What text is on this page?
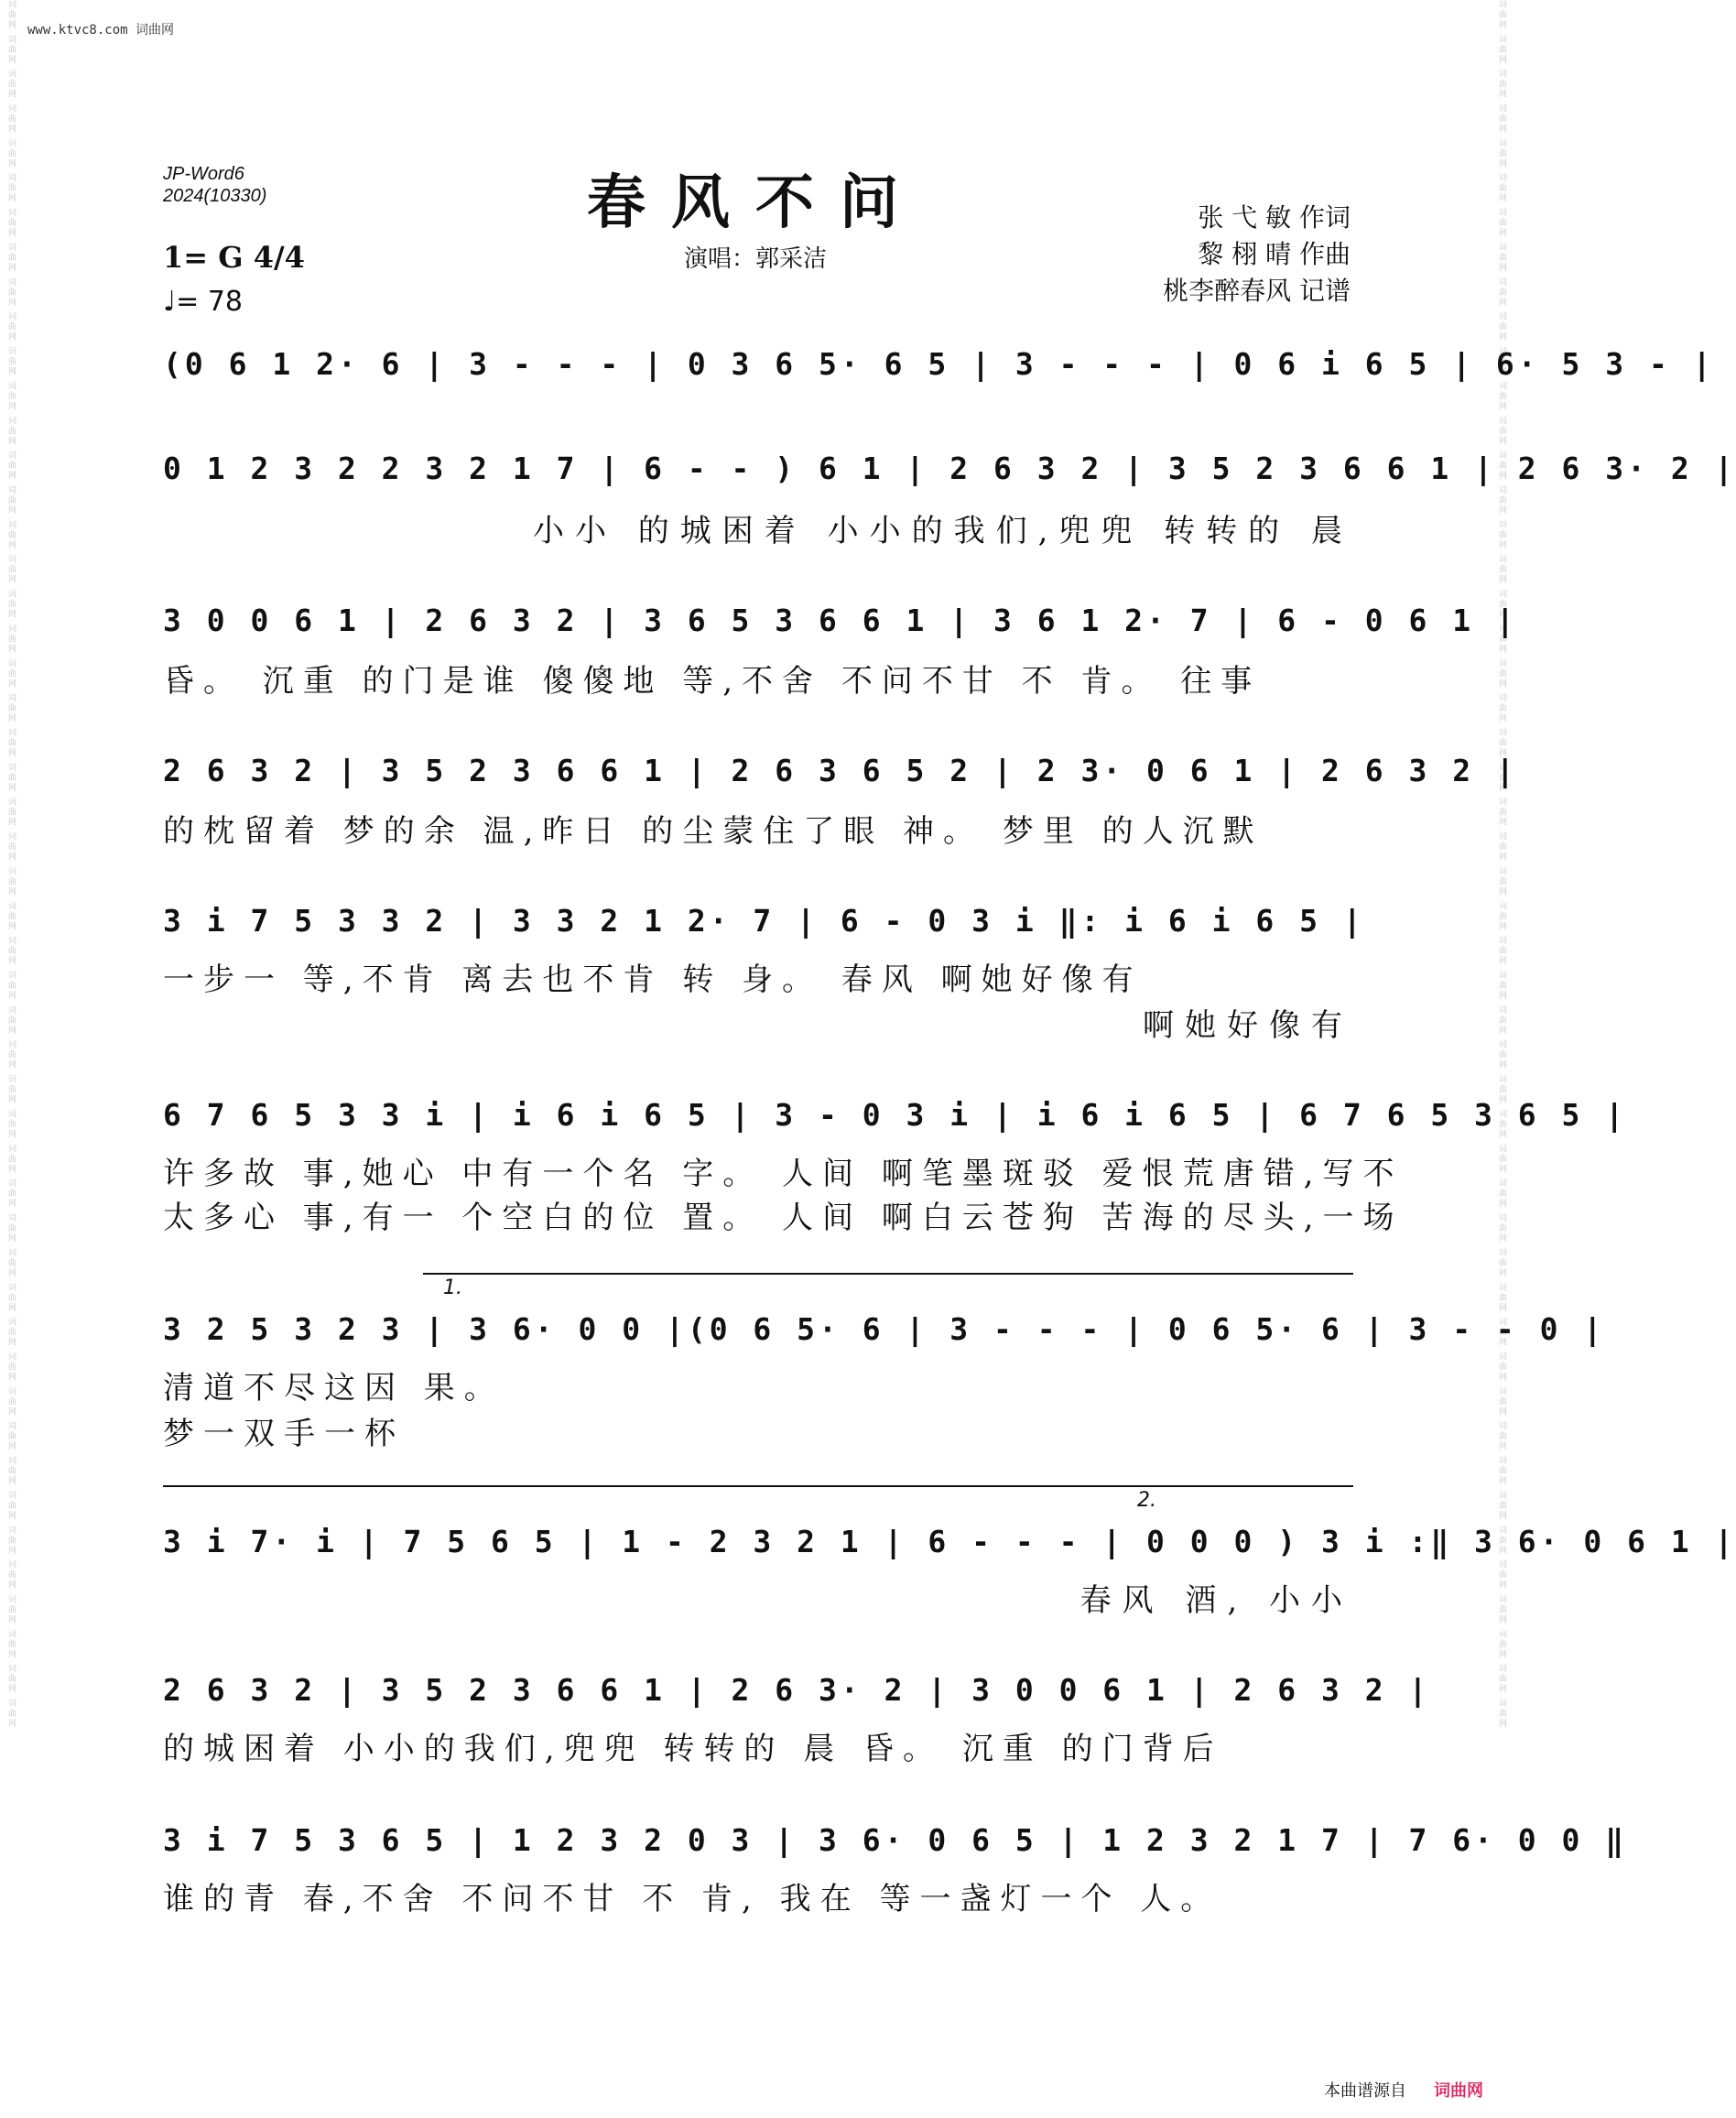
www.ktvc8.com 词曲网
词曲网 词曲网 词曲网 词曲网 词曲网 词曲网 词曲网 词曲网 词曲网 词曲网 词曲网 词曲网 词曲网 词曲网 词曲网 词曲网 词曲网 词曲网 词曲网 词曲网 词曲网 词曲网 词曲网 词曲网 词曲网 词曲网 词曲网 词曲网 词曲网 词曲网 词曲网 词曲网 词曲网 词曲网 词曲网 词曲网 词曲网 词曲网 词曲网 词曲网 词曲网 词曲网 词曲网 词曲网 词曲网 词曲网 词曲网 词曲网 词曲网 词曲网	词曲网 词曲网 词曲网 词曲网 词曲网 词曲网 词曲网 词曲网 词曲网 词曲网 词曲网 词曲网 词曲网 词曲网 词曲网 词曲网 词曲网 词曲网 词曲网 词曲网 词曲网 词曲网 词曲网 词曲网 词曲网 词曲网 词曲网 词曲网 词曲网 词曲网 词曲网 词曲网 词曲网 词曲网 词曲网 词曲网 词曲网 词曲网 词曲网 词曲网 词曲网 词曲网 词曲网 词曲网 词曲网 词曲网 词曲网 词曲网 词曲网 词曲网
JP-Word6
2024(10330)	春风不问
演唱：郭采洁
张 弋 敏 作词
黎 栩 晴 作曲
桃李醉春风 记谱
1= G 4/4
♩= 78
(0 6 1 2· 6 | 3 - - - | 0 3 6 5· 6 5 | 3 - - - | 0 6 i 6 5 | 6· 5 3 - |
0 1 2 3 2 2 3 2 1 7 | 6 - - ) 6 1 | 2 6 3 2 | 3 5 2 3 6 6 1 | 2 6 3· 2 |
小小 的城困着 小小的我们,兜兜 转转的 晨
3 0 0 6 1 | 2 6 3 2 | 3 6 5 3 6 6 1 | 3 6 1 2· 7 | 6 - 0 6 1 |
昏。 沉重 的门是谁 傻傻地 等,不舍 不问不甘 不 肯。 往事
2 6 3 2 | 3 5 2 3 6 6 1 | 2 6 3 6 5 2 | 2 3· 0 6 1 | 2 6 3 2 |
的枕留着 梦的余 温,昨日 的尘蒙住了眼 神。 梦里 的人沉默
3 i 7 5 3 3 2 | 3 3 2 1 2· 7 | 6 - 0 3 i ‖: i 6 i 6 5 |
一步一 等,不肯 离去也不肯 转 身。 春风 啊她好像有
啊她好像有
6 7 6 5 3 3 i | i 6 i 6 5 | 3 - 0 3 i | i 6 i 6 5 | 6 7 6 5 3 6 5 |
许多故 事,她心 中有一个名 字。 人间 啊笔墨斑驳 爱恨荒唐错,写不
太多心 事,有一 个空白的位 置。 人间 啊白云苍狗 苦海的尽头,一场
1.
3 2 5 3 2 3 | 3 6· 0 0 |(0 6 5· 6 | 3 - - - | 0 6 5· 6 | 3 - - 0 |
清道不尽这因 果。
梦一双手一杯
2.
3 i 7· i | 7 5 6 5 | 1 - 2 3 2 1 | 6 - - - | 0 0 0 ) 3 i :‖ 3 6· 0 6 1 |
春风 酒, 小小
2 6 3 2 | 3 5 2 3 6 6 1 | 2 6 3· 2 | 3 0 0 6 1 | 2 6 3 2 |
的城困着 小小的我们,兜兜 转转的 晨 昏。 沉重 的门背后
3 i 7 5 3 6 5 | 1 2 3 2 0 3 | 3 6· 0 6 5 | 1 2 3 2 1 7 | 7 6· 0 0 ‖
谁的青 春,不舍 不问不甘 不 肯, 我在 等一盏灯一个 人。
本曲谱源自 词曲网
